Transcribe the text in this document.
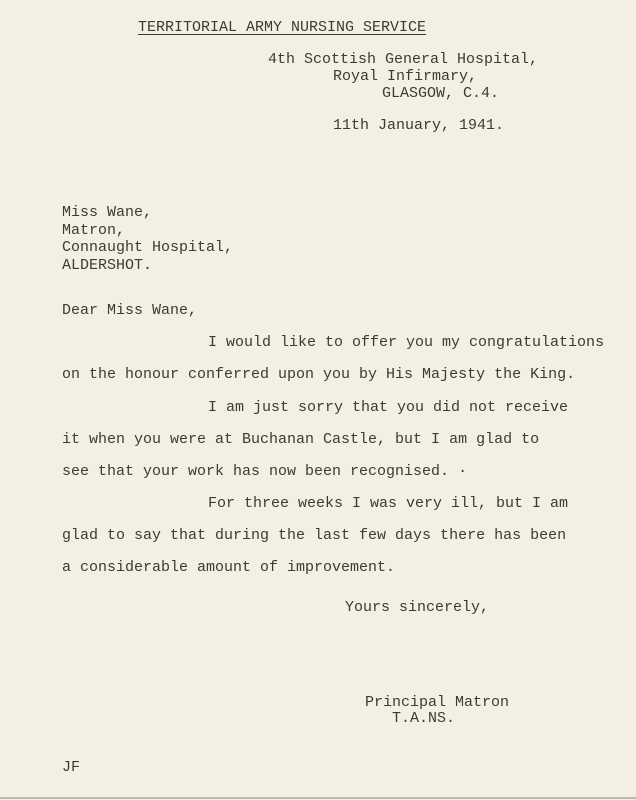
TERRITORIAL ARMY NURSING SERVICE
4th Scottish General Hospital,
Royal Infirmary,
GLASGOW, C.4.
11th January, 1941.
Miss Wane,
Matron,
Connaught Hospital,
ALDERSHOT.
Dear Miss Wane,
I would like to offer you my congratulations
on the honour conferred upon you by His Majesty the King.
I am just sorry that you did not receive
it when you were at Buchanan Castle, but I am glad to
see that your work has now been recognised. ·
For three weeks I was very ill, but I am
glad to say that during the last few days there has been
a considerable amount of improvement.
Yours sincerely,
Principal Matron
T.A.NS.
JF
